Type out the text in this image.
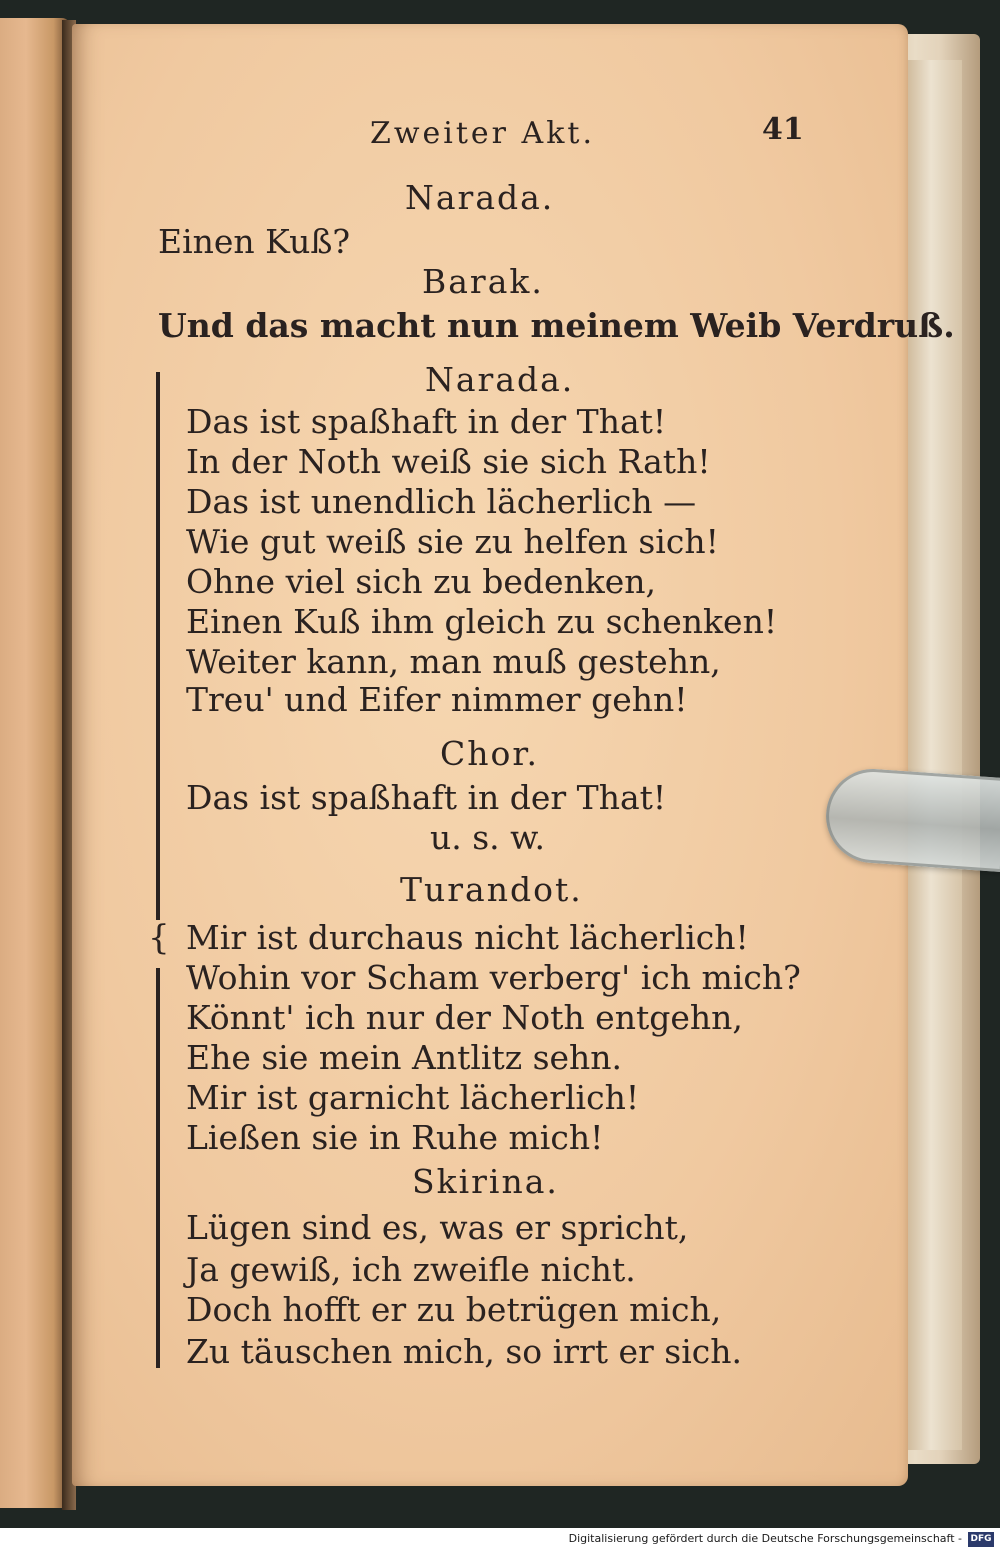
Zweiter Akt.	41
Narada.
Einen Kuß?
Barak.
Und das macht nun meinem Weib Verdruß.
{
Narada.
Das ist spaßhaft in der That!
In der Noth weiß sie sich Rath!
Das ist unendlich lächerlich —
Wie gut weiß sie zu helfen sich!
Ohne viel sich zu bedenken,
Einen Kuß ihm gleich zu schenken!
Weiter kann, man muß gestehn,
Treu' und Eifer nimmer gehn!
Chor.
Das ist spaßhaft in der That!
u. s. w.
Turandot.
Mir ist durchaus nicht lächerlich!
Wohin vor Scham verberg' ich mich?
Könnt' ich nur der Noth entgehn,
Ehe sie mein Antlitz sehn.
Mir ist garnicht lächerlich!
Ließen sie in Ruhe mich!
Skirina.
Lügen sind es, was er spricht,
Ja gewiß, ich zweifle nicht.
Doch hofft er zu betrügen mich,
Zu täuschen mich, so irrt er sich.
Digitalisierung gefördert durch die Deutsche Forschungsgemeinschaft - DFG
